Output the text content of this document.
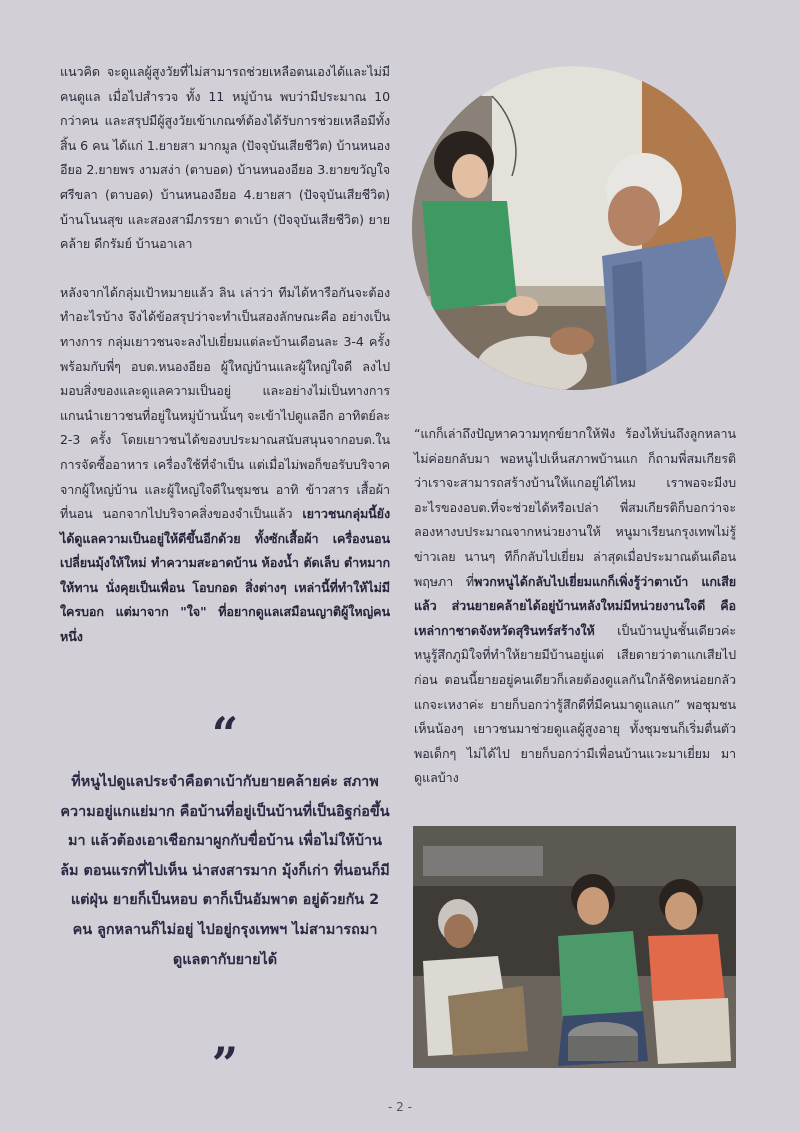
แนวคิด จะดูแลผู้สูงวัยที่ไม่สามารถช่วยเหลือตนเองได้และไม่มีคนดูแล เมื่อไปสำรวจ ทั้ง 11 หมู่บ้าน พบว่ามีประมาณ 10 กว่าคน และสรุปมีผู้สูงวัยเข้าเกณฑ์ต้องได้รับการช่วยเหลือมีทั้งสิ้น 6 คน ได้แก่ 1.ยายสา มากมูล (ปัจจุบันเสียชีวิต) บ้านหนองอียอ 2.ยายพร งามสง่า (ตาบอด) บ้านหนองอียอ 3.ยายขวัญใจ ศรีขลา (ตาบอด) บ้านหนองอียอ 4.ยายสา (ปัจจุบันเสียชีวิต) บ้านโนนสุข และสองสามีภรรยา ตาเบ้า (ปัจจุบันเสียชีวิต) ยายคล้าย ดีกรัมย์ บ้านอาเลา

หลังจากได้กลุ่มเป้าหมายแล้ว ลิน เล่าว่า ทีมได้หารือกันจะต้องทำอะไรบ้าง จึงได้ข้อสรุปว่าจะทำเป็นสองลักษณะคือ อย่างเป็นทางการ กลุ่มเยาวชนจะลงไปเยี่ยมแต่ละบ้านเดือนละ 3-4 ครั้ง พร้อมกับพี่ๆ อบต.หนองอียอ ผู้ใหญ่บ้านและผู้ใหญ่ใจดี ลงไปมอบสิ่งของและดูแลความเป็นอยู่ และอย่างไม่เป็นทางการ แกนนำเยาวชนที่อยู่ในหมู่บ้านนั้นๆ จะเข้าไปดูแลอีก อาทิตย์ละ 2-3 ครั้ง โดยเยาวชนได้ของบประมาณสนับสนุนจากอบต.ในการจัดซื้ออาหาร เครื่องใช้ที่จำเป็น แต่เมื่อไม่พอก็ขอรับบริจาคจากผู้ใหญ่บ้าน และผู้ใหญ่ใจดีในชุมชน อาทิ ข้าวสาร เสื้อผ้า ที่นอน นอกจากไปบริจาคสิ่งของจำเป็นแล้ว เยาวชนกลุ่มนี้ยังได้ดูแลความเป็นอยู่ให้ดีขึ้นอีกด้วย ทั้งซักเสื้อผ้า เครื่องนอน เปลี่ยนมุ้งให้ใหม่ ทำความสะอาดบ้าน ห้องน้ำ ตัดเล็บ ตำหมากให้ทาน นั่งคุยเป็นเพื่อน โอบกอด สิ่งต่างๆ เหล่านี้ที่ทำให้ไม่มีใครบอก แต่มาจาก "ใจ" ที่อยากดูแลเสมือนญาติผู้ใหญ่คนหนึ่ง

“แกก็เล่าถึงปัญหาความทุกข์ยากให้ฟัง ร้องไห้บ่นถึงลูกหลานไม่ค่อยกลับมา พอหนูไปเห็นสภาพบ้านแก ก็ถามพี่สมเกียรติว่าเราจะสามารถสร้างบ้านให้แกอยู่ได้ไหม เราพอจะมีงบอะไรของอบต.ที่จะช่วยได้หรือเปล่า พี่สมเกียรติก็บอกว่าจะลองหางบประมาณจากหน่วยงานให้ หนูมาเรียนกรุงเทพไม่รู้ข่าวเลย นานๆ ทีก็กลับไปเยี่ยม ล่าสุดเมื่อประมาณต้นเดือนพฤษภา ที่พวกหนูได้กลับไปเยี่ยมแกก็เพิ่งรู้ว่าตาเบ้า แกเสียแล้ว ส่วนยายคล้ายได้อยู่บ้านหลังใหม่มีหน่วยงานใจดี คือเหล่ากาชาดจังหวัดสุรินทร์สร้างให้ เป็นบ้านปูนชั้นเดียวค่ะ หนูรู้สึกภูมิใจที่ทำให้ยายมีบ้านอยู่แต่ เสียดายว่าตาแกเสียไปก่อน ตอนนี้ยายอยู่คนเดียวก็เลยต้องดูแลกันใกล้ชิดหน่อยกลัวแกจะเหงาค่ะ ยายก็บอกว่ารู้สึกดีที่มีคนมาดูแลแก” พอชุมชนเห็นน้องๆ เยาวชนมาช่วยดูแลผู้สูงอายุ ทั้งชุมชนก็เริ่มตื่นตัว พอเด็กๆ ไม่ได้ไป ยายก็บอกว่ามีเพื่อนบ้านแวะมาเยี่ยม มาดูแลบ้าง

“
ที่หนูไปดูแลประจำคือตาเบ้ากับยายคล้ายค่ะ สภาพความอยู่แกแย่มาก คือบ้านที่อยู่เป็นบ้านที่เป็นอิฐก่อขึ้นมา แล้วต้องเอาเชือกมาผูกกับขื่อบ้าน เพื่อไม่ให้บ้านล้ม ตอนแรกที่ไปเห็น น่าสงสารมาก มุ้งก็เก่า ที่นอนก็มีแต่ฝุ่น ยายก็เป็นหอบ ตาก็เป็นอัมพาต อยู่ด้วยกัน 2 คน ลูกหลานก็ไม่อยู่ ไปอยู่กรุงเทพฯ ไม่สามารถมาดูแลตากับยายได้
”
- 2 -
